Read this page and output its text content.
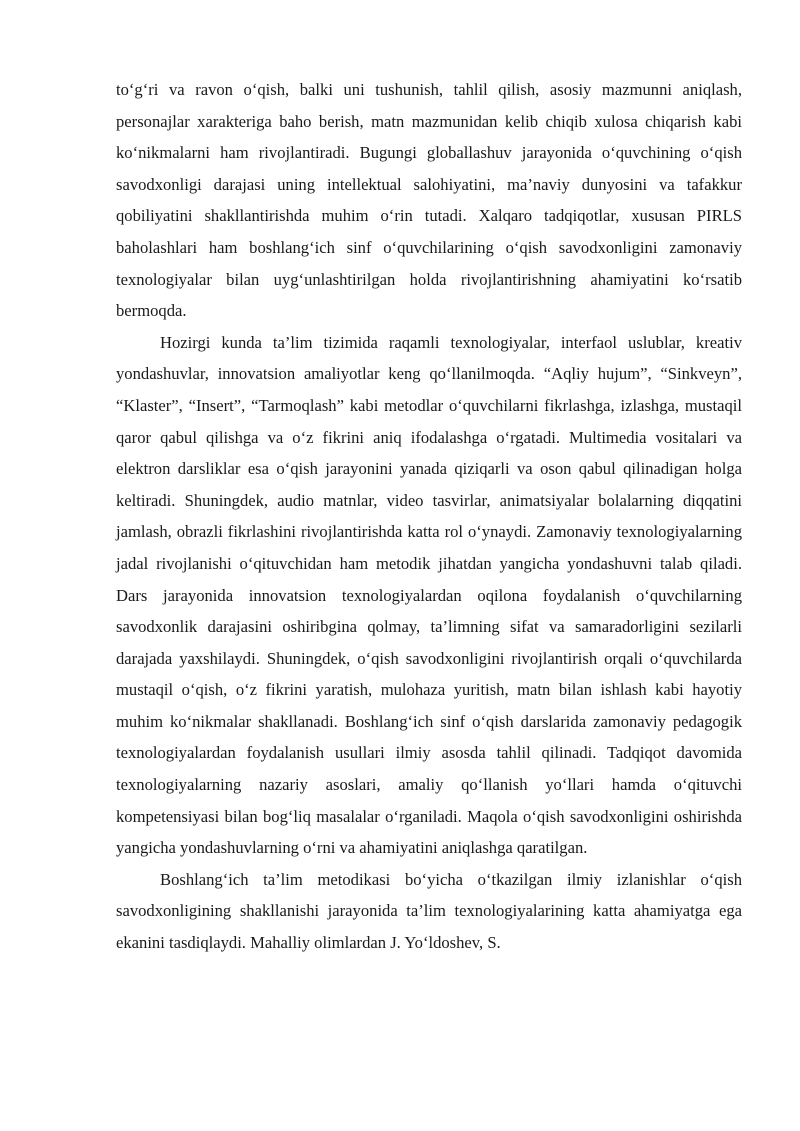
to‘g‘ri va ravon o‘qish, balki uni tushunish, tahlil qilish, asosiy mazmunni aniqlash, personajlar xarakteriga baho berish, matn mazmunidan kelib chiqib xulosa chiqarish kabi ko‘nikmalarni ham rivojlantiradi. Bugungi globallashuv jarayonida o‘quvchining o‘qish savodxonligi darajasi uning intellektual salohiyatini, ma’naviy dunyosini va tafakkur qobiliyatini shakllantirishda muhim o‘rin tutadi. Xalqaro tadqiqotlar, xususan PIRLS baholashlari ham boshlang‘ich sinf o‘quvchilarining o‘qish savodxonligini zamonaviy texnologiyalar bilan uyg‘unlashtirilgan holda rivojlantirishning ahamiyatini ko‘rsatib bermoqda.

Hozirgi kunda ta’lim tizimida raqamli texnologiyalar, interfaol uslublar, kreativ yondashuvlar, innovatsion amaliyotlar keng qo‘llanilmoqda. “Aqliy hujum”, “Sinkveyn”, “Klaster”, “Insert”, “Tarmoqlash” kabi metodlar o‘quvchilarni fikrlashga, izlashga, mustaqil qaror qabul qilishga va o‘z fikrini aniq ifodalashga o‘rgatadi. Multimedia vositalari va elektron darsliklar esa o‘qish jarayonini yanada qiziqarli va oson qabul qilinadigan holga keltiradi. Shuningdek, audio matnlar, video tasvirlar, animatsiyalar bolalarning diqqatini jamlash, obrazli fikrlashini rivojlantirishda katta rol o‘ynaydi. Zamonaviy texnologiyalarning jadal rivojlanishi o‘qituvchidan ham metodik jihatdan yangicha yondashuvni talab qiladi. Dars jarayonida innovatsion texnologiyalardan oqilona foydalanish o‘quvchilarning savodxonlik darajasini oshiribgina qolmay, ta’limning sifat va samaradorligini sezilarli darajada yaxshilaydi. Shuningdek, o‘qish savodxonligini rivojlantirish orqali o‘quvchilarda mustaqil o‘qish, o‘z fikrini yaratish, mulohaza yuritish, matn bilan ishlash kabi hayotiy muhim ko‘nikmalar shakllanadi. Boshlang‘ich sinf o‘qish darslarida zamonaviy pedagogik texnologiyalardan foydalanish usullari ilmiy asosda tahlil qilinadi. Tadqiqot davomida texnologiyalarning nazariy asoslari, amaliy qo‘llanish yo‘llari hamda o‘qituvchi kompetensiyasi bilan bog‘liq masalalar o‘rganiladi. Maqola o‘qish savodxonligini oshirishda yangicha yondashuvlarning o‘rni va ahamiyatini aniqlashga qaratilgan.

Boshlang‘ich ta’lim metodikasi bo‘yicha o‘tkazilgan ilmiy izlanishlar o‘qish savodxonligining shakllanishi jarayonida ta’lim texnologiyalarining katta ahamiyatga ega ekanini tasdiqlaydi. Mahalliy olimlardan J. Yo‘ldoshev, S.
